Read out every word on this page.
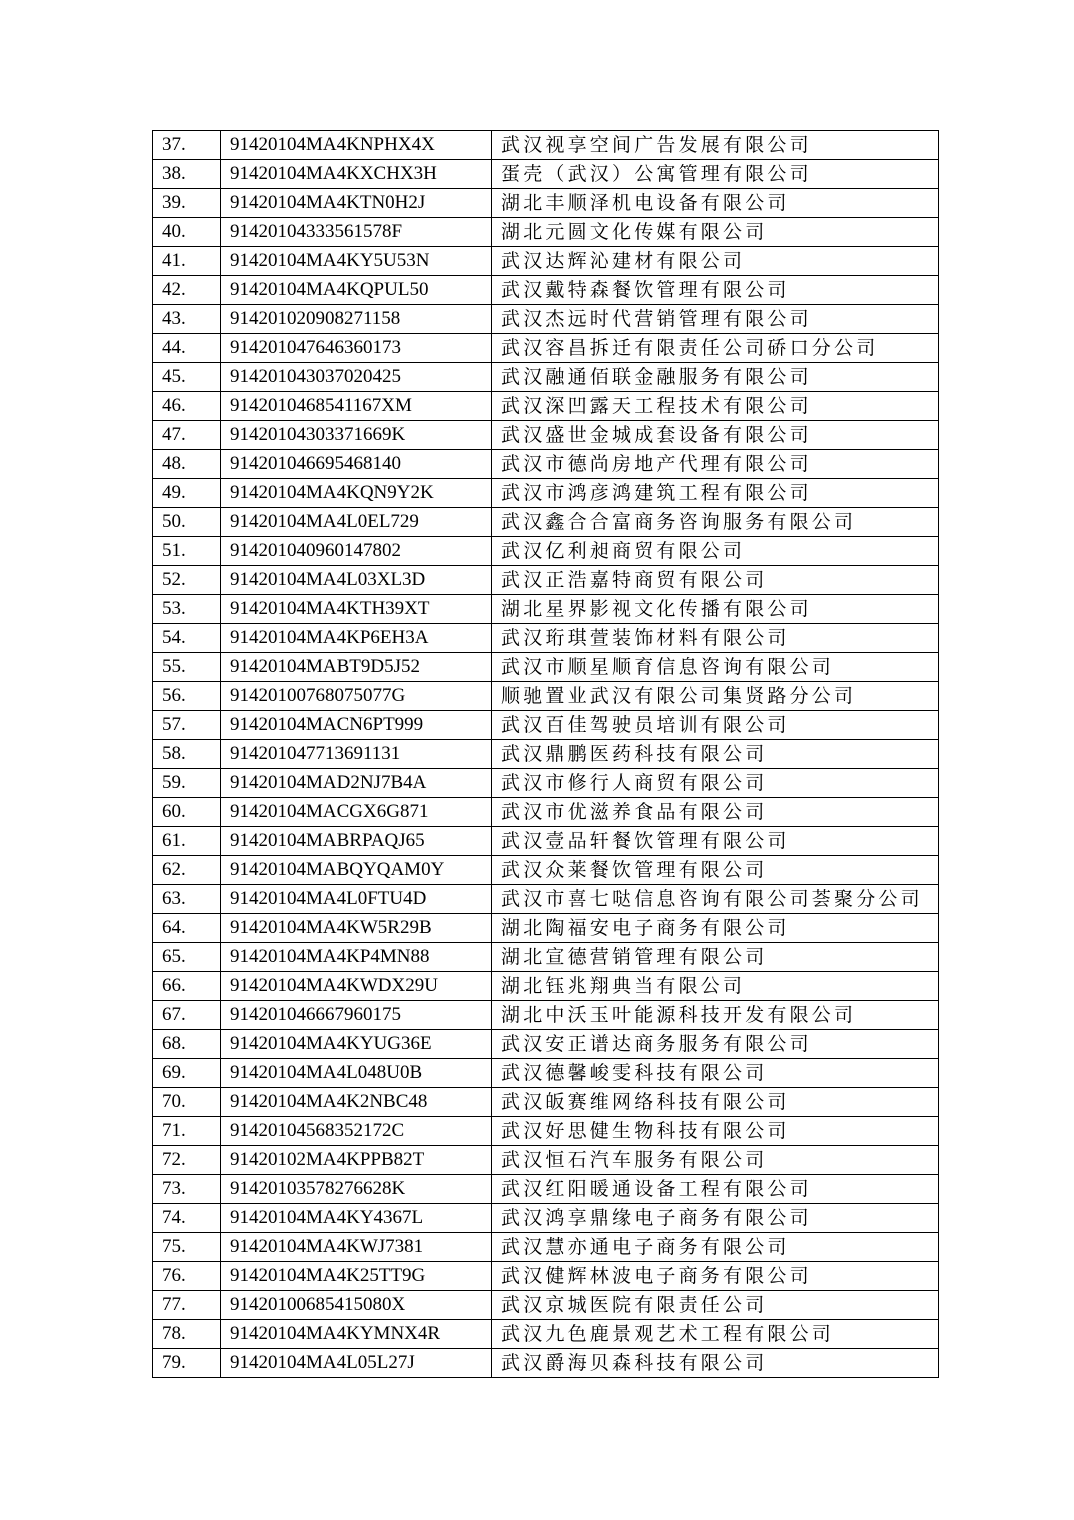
37.	91420104MA4KNPHX4X	武汉视享空间广告发展有限公司
38.	91420104MA4KXCHX3H	蛋壳（武汉）公寓管理有限公司
39.	91420104MA4KTN0H2J	湖北丰顺泽机电设备有限公司
40.	91420104333561578F	湖北元圆文化传媒有限公司
41.	91420104MA4KY5U53N	武汉达辉沁建材有限公司
42.	91420104MA4KQPUL50	武汉戴特森餐饮管理有限公司
43.	914201020908271158	武汉杰远时代营销管理有限公司
44.	914201047646360173	武汉容昌拆迁有限责任公司硚口分公司
45.	914201043037020425	武汉融通佰联金融服务有限公司
46.	9142010468541167XM	武汉深凹露天工程技术有限公司
47.	91420104303371669K	武汉盛世金城成套设备有限公司
48.	914201046695468140	武汉市德尚房地产代理有限公司
49.	91420104MA4KQN9Y2K	武汉市鸿彦鸿建筑工程有限公司
50.	91420104MA4L0EL729	武汉鑫合合富商务咨询服务有限公司
51.	914201040960147802	武汉亿利昶商贸有限公司
52.	91420104MA4L03XL3D	武汉正浩嘉特商贸有限公司
53.	91420104MA4KTH39XT	湖北星界影视文化传播有限公司
54.	91420104MA4KP6EH3A	武汉珩琪萱装饰材料有限公司
55.	91420104MABT9D5J52	武汉市顺星顺育信息咨询有限公司
56.	91420100768075077G	顺驰置业武汉有限公司集贤路分公司
57.	91420104MACN6PT999	武汉百佳驾驶员培训有限公司
58.	914201047713691131	武汉鼎鹏医药科技有限公司
59.	91420104MAD2NJ7B4A	武汉市修行人商贸有限公司
60.	91420104MACGX6G871	武汉市优滋养食品有限公司
61.	91420104MABRPAQJ65	武汉壹品轩餐饮管理有限公司
62.	91420104MABQYQAM0Y	武汉众莱餐饮管理有限公司
63.	91420104MA4L0FTU4D	武汉市喜七哒信息咨询有限公司荟聚分公司
64.	91420104MA4KW5R29B	湖北陶福安电子商务有限公司
65.	91420104MA4KP4MN88	湖北宣德营销管理有限公司
66.	91420104MA4KWDX29U	湖北钰兆翔典当有限公司
67.	914201046667960175	湖北中沃玉叶能源科技开发有限公司
68.	91420104MA4KYUG36E	武汉安正谱达商务服务有限公司
69.	91420104MA4L048U0B	武汉德馨峻雯科技有限公司
70.	91420104MA4K2NBC48	武汉皈赛维网络科技有限公司
71.	91420104568352172C	武汉好思健生物科技有限公司
72.	91420102MA4KPPB82T	武汉恒石汽车服务有限公司
73.	91420103578276628K	武汉红阳暖通设备工程有限公司
74.	91420104MA4KY4367L	武汉鸿享鼎缘电子商务有限公司
75.	91420104MA4KWJ7381	武汉慧亦通电子商务有限公司
76.	91420104MA4K25TT9G	武汉健辉林波电子商务有限公司
77.	91420100685415080X	武汉京城医院有限责任公司
78.	91420104MA4KYMNX4R	武汉九色鹿景观艺术工程有限公司
79.	91420104MA4L05L27J	武汉爵海贝森科技有限公司
